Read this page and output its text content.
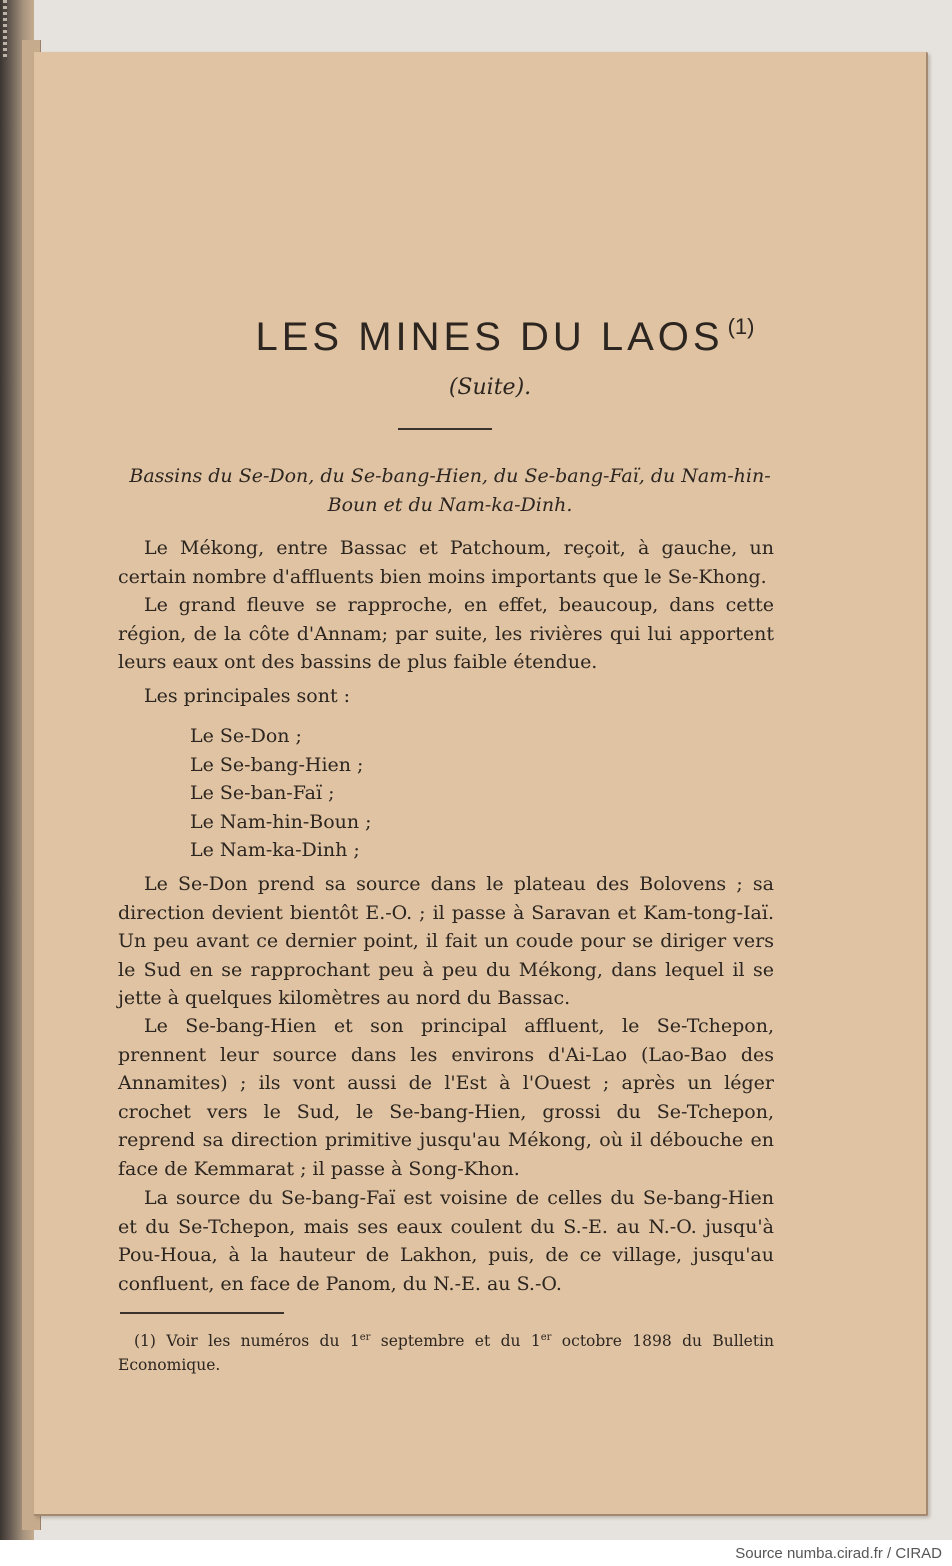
LES MINES DU LAOS $^{(1)}$
(Suite).
Bassins du Se-Don, du Se-bang-Hien, du Se-bang-Faï, du Nam-hin-Boun et du Nam-ka-Dinh.

Le Mékong, entre Bassac et Patchoum, reçoit, à gauche, un certain nombre d'affluents bien moins importants que le Se-Khong.

Le grand fleuve se rapproche, en effet, beaucoup, dans cette région, de la côte d'Annam; par suite, les rivières qui lui apportent leurs eaux ont des bassins de plus faible étendue.

Les principales sont :

Le Se-Don ;
Le Se-bang-Hien ;
Le Se-ban-Faï ;
Le Nam-hin-Boun ;
Le Nam-ka-Dinh ;

Le Se-Don prend sa source dans le plateau des Bolovens ; sa direction devient bientôt E.-O. ; il passe à Saravan et Kam-tong-Iaï. Un peu avant ce dernier point, il fait un coude pour se diriger vers le Sud en se rapprochant peu à peu du Mékong, dans lequel il se jette à quelques kilomètres au nord du Bassac.

Le Se-bang-Hien et son principal affluent, le Se-Tchepon, prennent leur source dans les environs d'Ai-Lao (Lao-Bao des Annamites) ; ils vont aussi de l'Est à l'Ouest ; après un léger crochet vers le Sud, le Se-bang-Hien, grossi du Se-Tchepon, reprend sa direction primitive jusqu'au Mékong, où il débouche en face de Kemmarat ; il passe à Song-Khon.

La source du Se-bang-Faï est voisine de celles du Se-bang-Hien et du Se-Tchepon, mais ses eaux coulent du S.-E. au N.-O. jusqu'à Pou-Houa, à la hauteur de Lakhon, puis, de ce village, jusqu'au confluent, en face de Panom, du N.-E. au S.-O.

(1) Voir les numéros du 1er septembre et du 1er octobre 1898 du Bulletin Economique.
Source numba.cirad.fr / CIRAD
